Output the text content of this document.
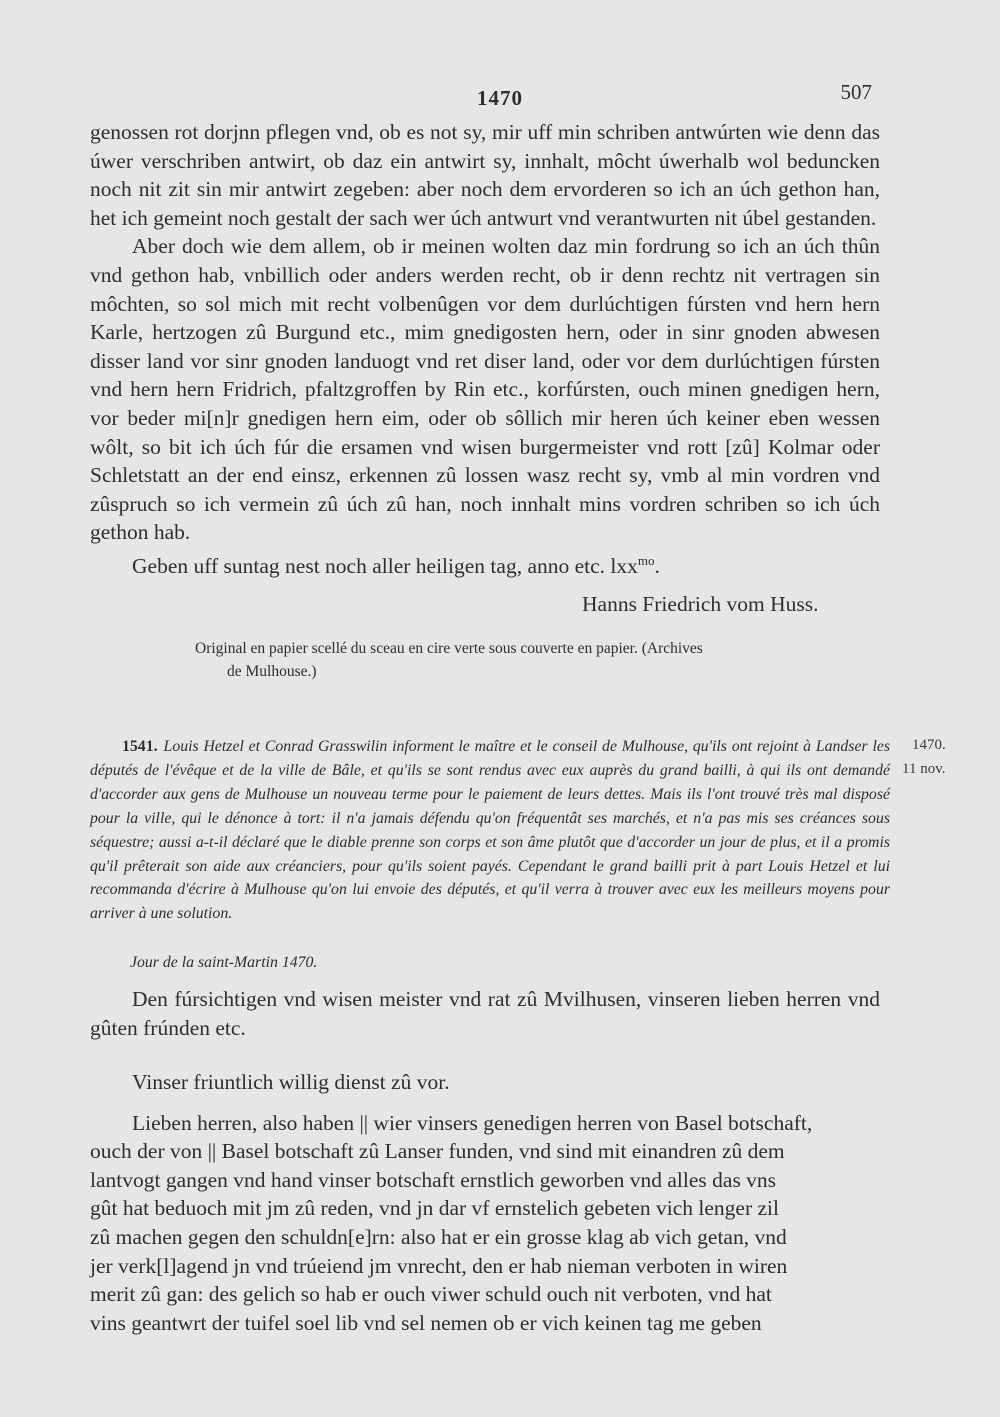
1470	507

genossen rot dorjnn pflegen vnd, ob es not sy, mir uff min schriben antwúrten wie denn das úwer verschriben antwirt, ob daz ein antwirt sy, innhalt, môcht úwerhalb wol beduncken noch nit zit sin mir antwirt zegeben: aber noch dem ervorderen so ich an úch gethon han, het ich gemeint noch gestalt der sach wer úch antwurt vnd verantwurten nit úbel gestanden.

Aber doch wie dem allem, ob ir meinen wolten daz min fordrung so ich an úch thûn vnd gethon hab, vnbillich oder anders werden recht, ob ir denn rechtz nit vertragen sin môchten, so sol mich mit recht volbenûgen vor dem durlúchtigen fúrsten vnd hern hern Karle, hertzogen zû Burgund etc., mim gnedigosten hern, oder in sinr gnoden abwesen disser land vor sinr gnoden landuogt vnd ret diser land, oder vor dem durlúchtigen fúrsten vnd hern hern Fridrich, pfaltzgroffen by Rin etc., korfúrsten, ouch minen gnedigen hern, vor beder mi[n]r gnedigen hern eim, oder ob sôllich mir heren úch keiner eben wessen wôlt, so bit ich úch fúr die ersamen vnd wisen burgermeister vnd rott [zû] Kolmar oder Schletstatt an der end einsz, erkennen zû lossen wasz recht sy, vmb al min vordren vnd zûspruch so ich vermein zû úch zû han, noch innhalt mins vordren schriben so ich úch gethon hab.

Geben uff suntag nest noch aller heiligen tag, anno etc. lxx$^{mo}$.

Hanns Friedrich vom Huss.
Original en papier scellé du sceau en cire verte sous couverte en papier. (Archives
de Mulhouse.)
1470.
11 nov.
1541. Louis Hetzel et Conrad Grasswilin informent le maître et le conseil de Mulhouse, qu'ils ont rejoint à Landser les députés de l'évêque et de la ville de Bâle, et qu'ils se sont rendus avec eux auprès du grand bailli, à qui ils ont demandé d'accorder aux gens de Mulhouse un nouveau terme pour le paiement de leurs dettes. Mais ils l'ont trouvé très mal disposé pour la ville, qui le dénonce à tort: il n'a jamais défendu qu'on fréquentât ses marchés, et n'a pas mis ses créances sous séquestre; aussi a-t-il déclaré que le diable prenne son corps et son âme plutôt que d'accorder un jour de plus, et il a promis qu'il prêterait son aide aux créanciers, pour qu'ils soient payés. Cependant le grand bailli prit à part Louis Hetzel et lui recommanda d'écrire à Mulhouse qu'on lui envoie des députés, et qu'il verra à trouver avec eux les meilleurs moyens pour arriver à une solution.
Jour de la saint-Martin 1470.

Den fúrsichtigen vnd wisen meister vnd rat zû Mvilhusen, vinseren lieben herren vnd gûten frúnden etc.

Vinser friuntlich willig dienst zû vor.

Lieben herren, also haben || wier vinsers genedigen herren von Basel botschaft,

ouch der von || Basel botschaft zû Lanser funden, vnd sind mit einandren zû dem

lantvogt gangen vnd hand vinser botschaft ernstlich geworben vnd alles das vns

gût hat beduoch mit jm zû reden, vnd jn dar vf ernstelich gebeten vich lenger zil

zû machen gegen den schuldn[e]rn: also hat er ein grosse klag ab vich getan, vnd

jer verk[l]agend jn vnd trúeiend jm vnrecht, den er hab nieman verboten in wiren

merit zû gan: des gelich so hab er ouch viwer schuld ouch nit verboten, vnd hat

vins geantwrt der tuifel soel lib vnd sel nemen ob er vich keinen tag me geben
